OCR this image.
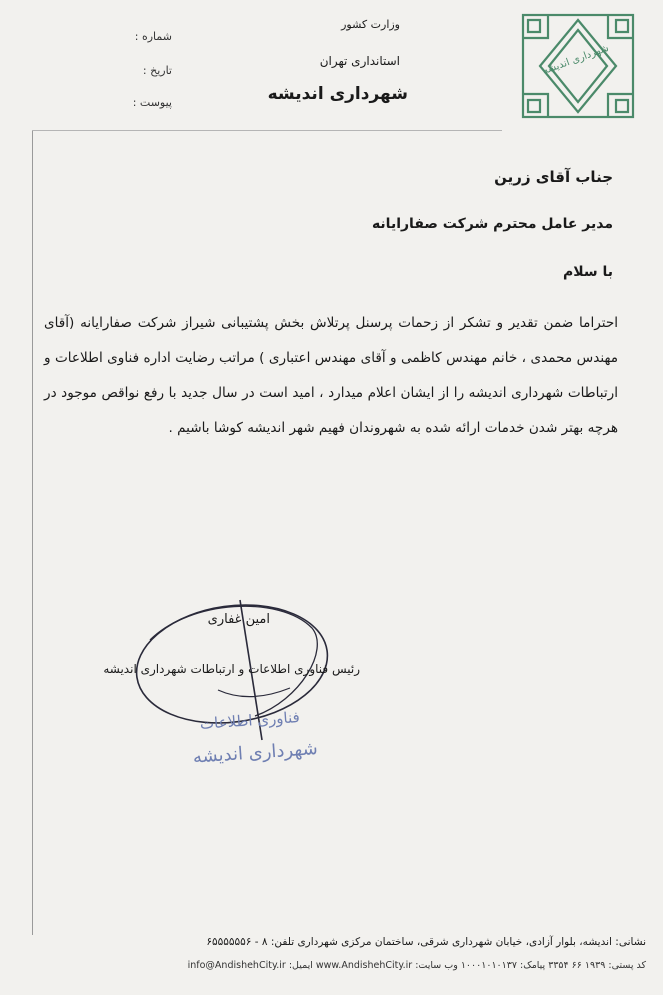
شهرداری اندیشه
وزارت کشور
استانداری تهران
شهرداری اندیشه
شماره :
تاریخ :
پیوست :
جناب آقای زرین
مدیر عامل محترم شرکت صفارایانه
با سلام
احتراما ضمن تقدیر و تشکر از زحمات پرسنل پرتلاش بخش پشتیبانی شیراز شرکت صفارایانه (آقای مهندس محمدی ، خانم مهندس کاظمی و آقای مهندس اعتباری ) مراتب رضایت اداره فناوی اطلاعات و ارتباطات شهرداری اندیشه را از ایشان اعلام میدارد ، امید است در سال جدید با رفع نواقص موجود در هرچه بهتر شدن خدمات ارائه شده به شهروندان فهیم شهر اندیشه کوشا باشیم .
فناوری اطلاعات
شهرداری اندیشه
امین غفاری
رئیس فناوری اطلاعات و ارتباطات شهرداری اندیشه
نشانی: اندیشه، بلوار آزادی، خیابان شهرداری شرقی، ساختمان مرکزی شهرداری تلفن: ۸ - ۶۵۵۵۵۵۵۶
کد پستی: ۱۹۳۹ ۶۶ ۳۳۵۴ پیامک: ۱۰۰۰۱۰۱۰۱۳۷ وب سایت: www.AndishehCity.ir ایمیل: info@AndishehCity.ir
